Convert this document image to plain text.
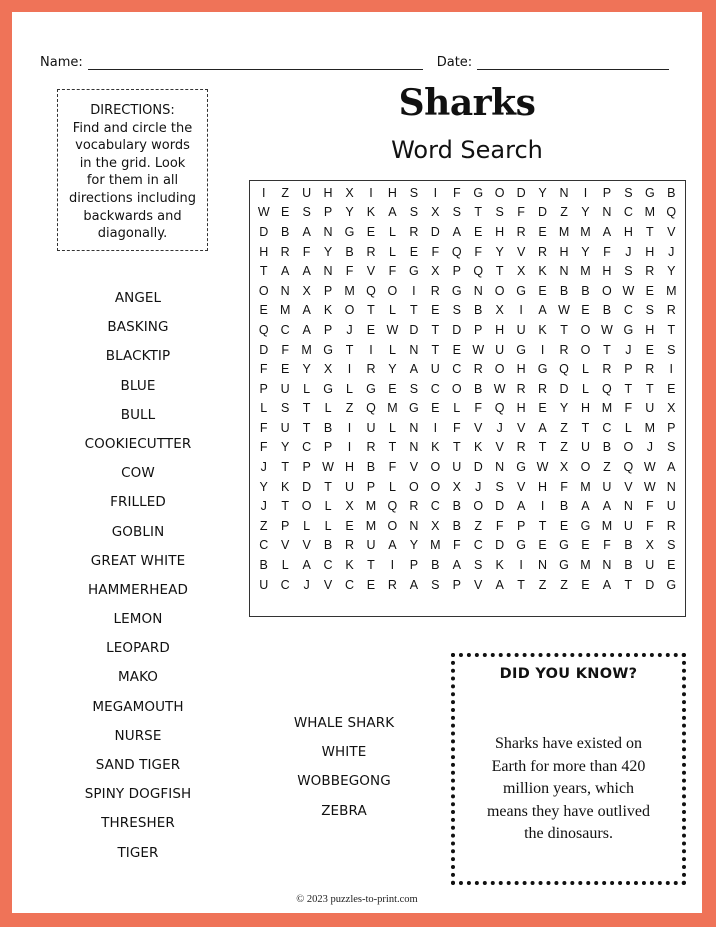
Name:	Date:
DIRECTIONS:
Find and circle the
vocabulary words
in the grid. Look
for them in all
directions including
backwards and
diagonally.
Sharks
Word Search
I	Z	U H	X	I	H	S	I	F	G O D	Y	N	I	P	S G B
W E	S	P	Y	K	A	S	X	S	T	S	F	D	Z	Y	N C M Q
D	B	A	N G E	L	R D	A	E	H R	E M M A	H	T	V
H R	F	Y	B	R	L	E	F	Q	F	Y	V	R H	Y	F	J	H	J
T	A	A	N	F	V	F	G X	P Q	T	X	K	N M H	S	R	Y
O N	X	P M Q O	I	R G N O G E	B	B O W E M
E M A	K O	T	L	T	E	S	B	X	I	A W E	B	C	S	R
Q C	A	P	J	E W D	T	D	P	H U	K	T	O W G H	T
D	F M G	T	I	L	N	T	E W U G	I	R O	T	J	E	S
F	E	Y	X	I	R	Y	A	U C R O H G Q	L	R	P	R	I
P	U	L	G	L	G E	S	C O B W R R D	L	Q	T	T	E
L	S	T	L	Z	Q M G E	L	F	Q H	E	Y	H M F	U	X
F	U	T	B	I	U	L	N	I	F	V	J	V	A	Z	T	C	L	M P
F	Y	C	P	I	R	T	N	K	T	K	V	R	T	Z	U	B O	J	S
J	T	P W H	B	F	V O U D N G W X O	Z	Q W A
Y	K	D	T	U	P	L	O O X	J	S	V	H	F M U	V W N
J	T	O	L	X M Q R C	B O D	A	I	B	A	A	N	F	U
Z	P	L	L	E M O N	X	B	Z	F	P	T	E G M U	F	R
C	V	V	B	R U	A	Y M F	C D G E G E	F	B	X	S
B	L	A	C	K	T	I	P	B	A	S	K	I	N G M N	B	U	E
U C	J	V	C	E	R	A	S	P	V	A	T	Z	Z	E	A	T	D G
ANGEL
BASKING
BLACKTIP
BLUE
BULL
COOKIECUTTER
COW
FRILLED
GOBLIN
GREAT WHITE
HAMMERHEAD
LEMON
LEOPARD
MAKO
MEGAMOUTH
NURSE
SAND TIGER
SPINY DOGFISH
THRESHER
TIGER
WHALE SHARK
WHITE
WOBBEGONG
ZEBRA
DID YOU KNOW?
Sharks have existed on
Earth for more than 420
million years, which
means they have outlived
the dinosaurs.
© 2023 puzzles-to-print.com
